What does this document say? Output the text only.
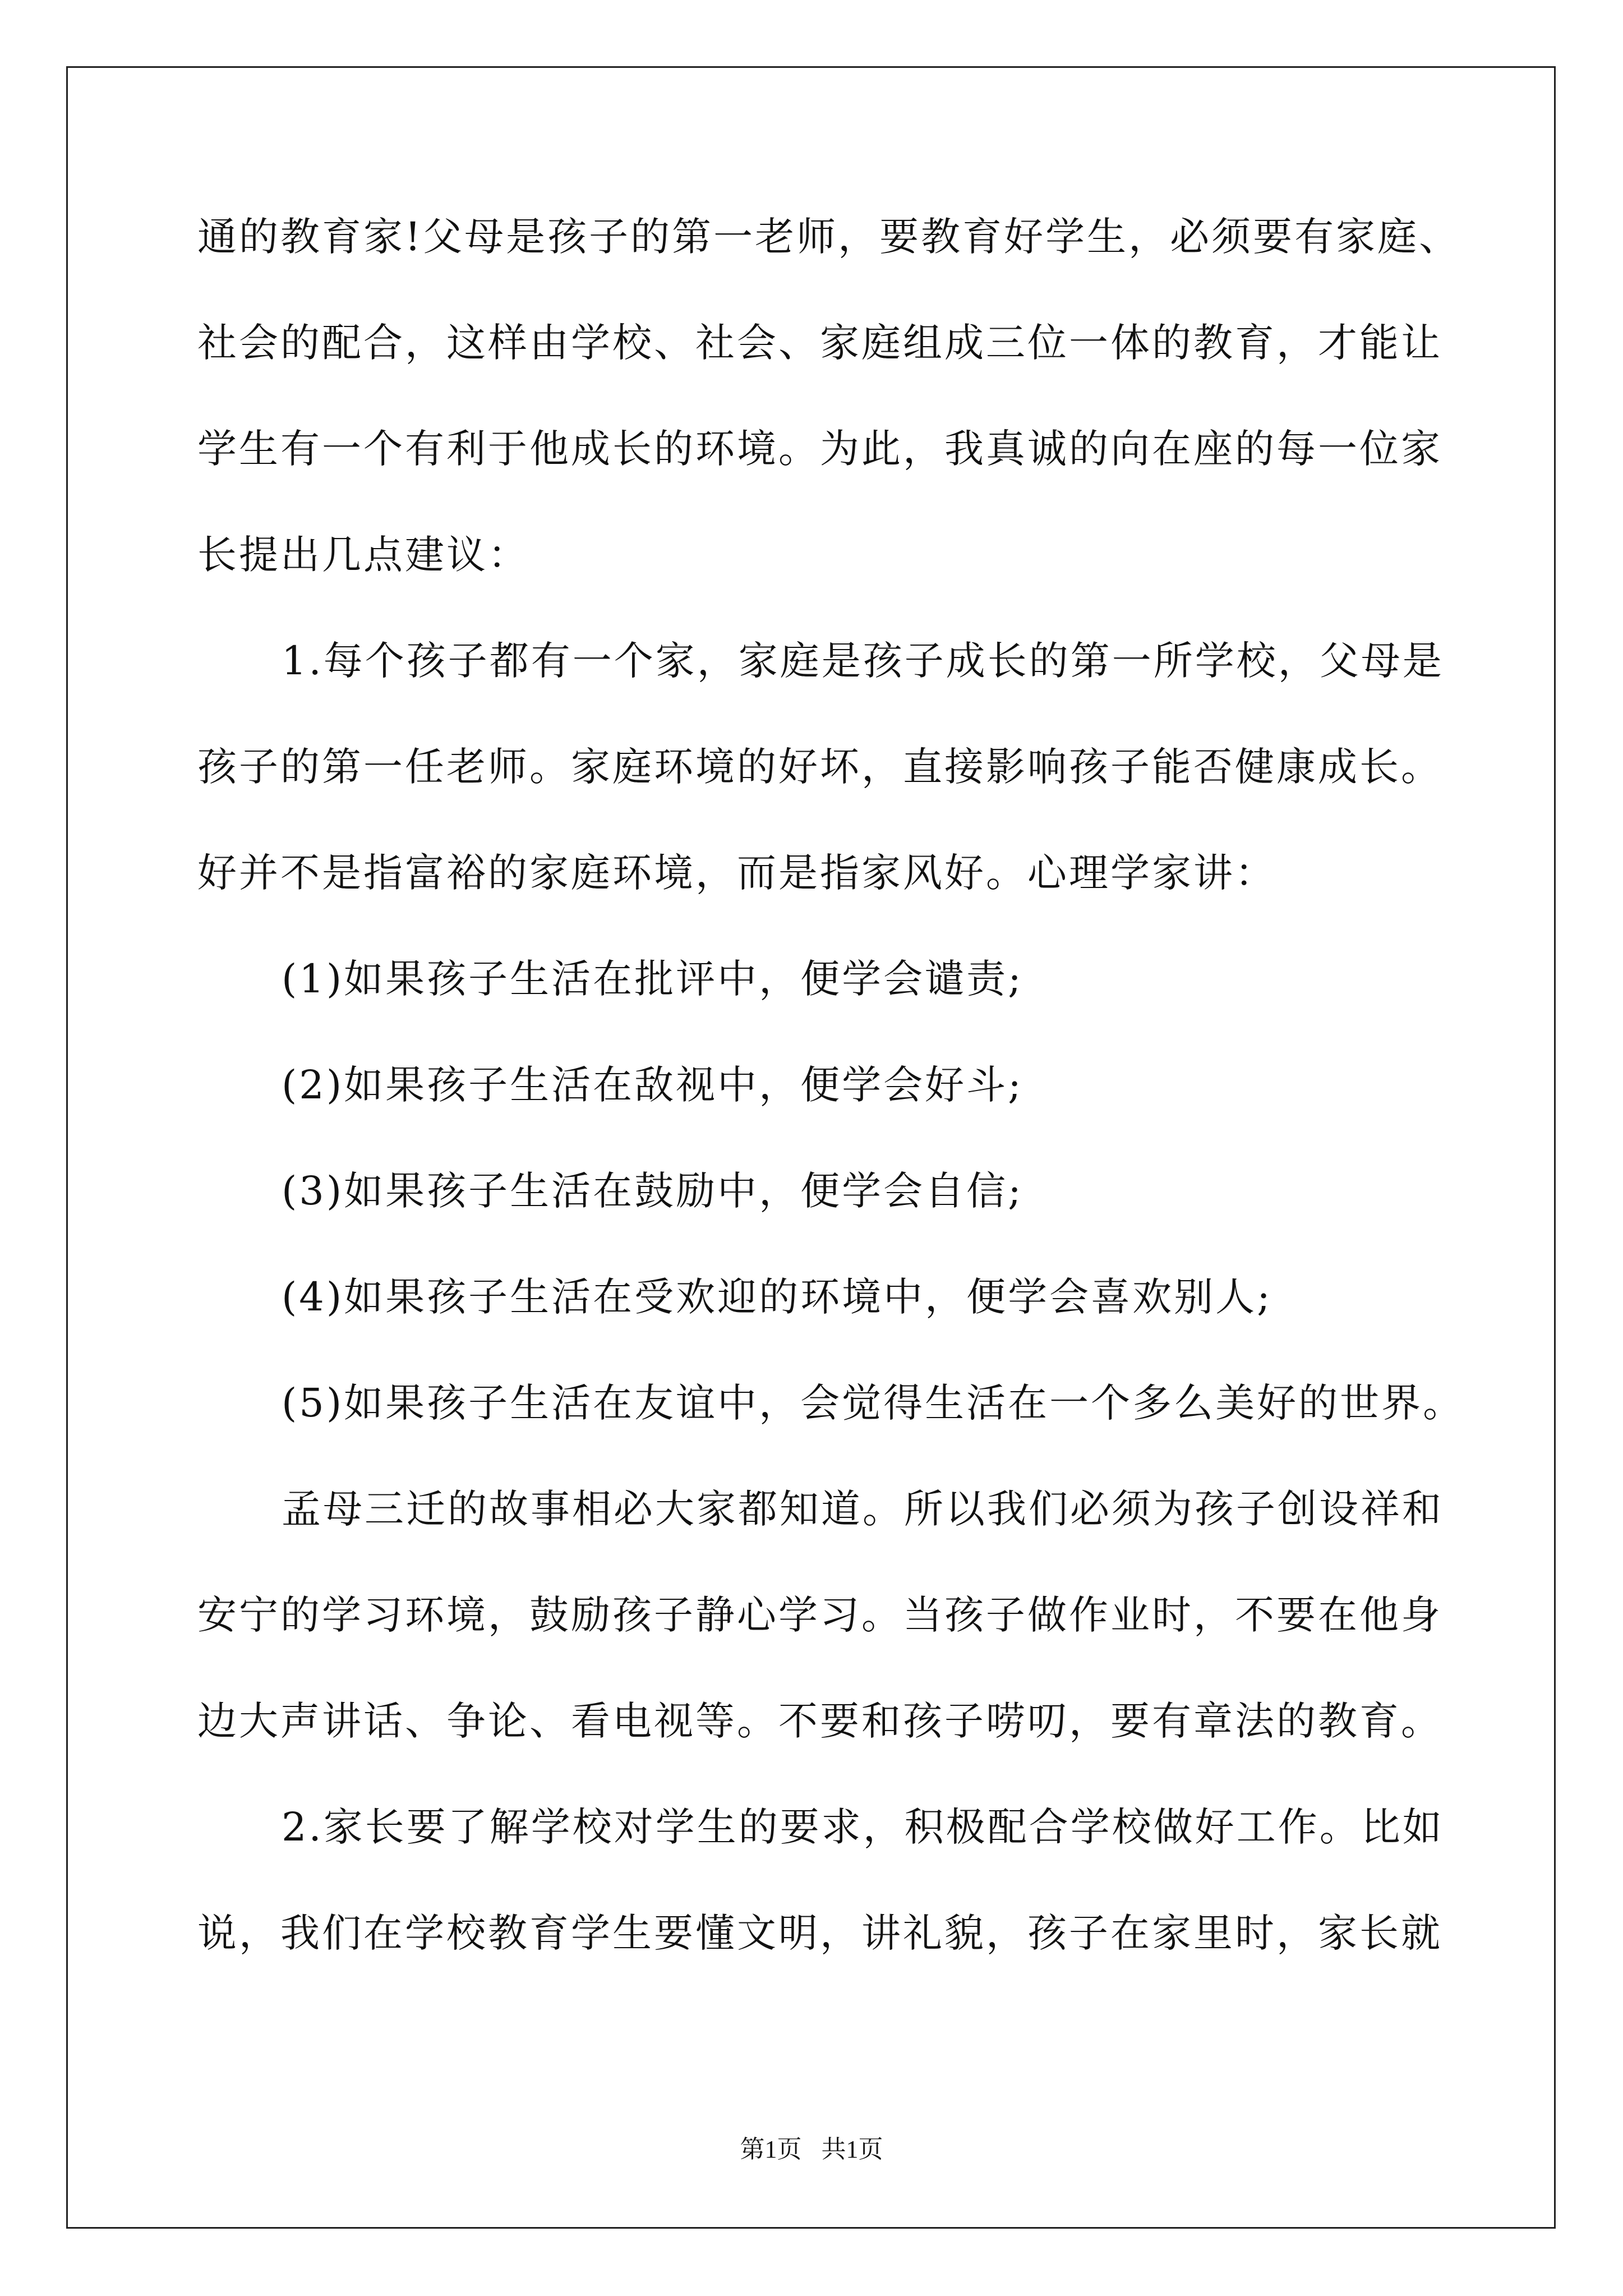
通的教育家!父母是孩子的第一老师，要教育好学生，必须要有家庭、
社会的配合，这样由学校、社会、家庭组成三位一体的教育，才能让
学生有一个有利于他成长的环境。为此，我真诚的向在座的每一位家
长提出几点建议：
1.每个孩子都有一个家，家庭是孩子成长的第一所学校，父母是
孩子的第一任老师。家庭环境的好坏，直接影响孩子能否健康成长。
好并不是指富裕的家庭环境，而是指家风好。心理学家讲：
(1)如果孩子生活在批评中，便学会谴责;
(2)如果孩子生活在敌视中，便学会好斗;
(3)如果孩子生活在鼓励中，便学会自信;
(4)如果孩子生活在受欢迎的环境中，便学会喜欢别人;
(5)如果孩子生活在友谊中，会觉得生活在一个多么美好的世界。
孟母三迁的故事相必大家都知道。所以我们必须为孩子创设祥和
安宁的学习环境，鼓励孩子静心学习。当孩子做作业时，不要在他身
边大声讲话、争论、看电视等。不要和孩子唠叨，要有章法的教育。
2.家长要了解学校对学生的要求，积极配合学校做好工作。比如
说，我们在学校教育学生要懂文明，讲礼貌，孩子在家里时，家长就
第1页 共1页
